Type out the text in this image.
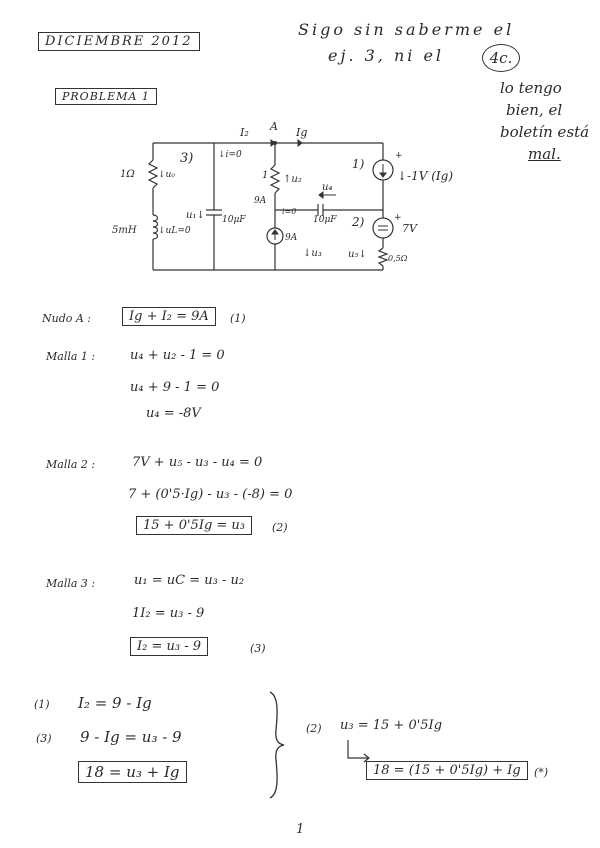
DICIEMBRE 2012
PROBLEMA 1
Sigo sin saberme el
ej. 3, ni el	4c.
lo tengo
bien, el
boletín está
mal.
I₂ A Ig
1Ω	↓u₀
3)
5mH ↓uL=0
↓i=0
u₁↓ 10μF
1 ↑u₂
9A
i=0
u₄
10μF
9A
↓u₃
1)
+
↓-1V (Ig)
2)	+
7V
u₅↓	0,5Ω
Nudo A :	Ig + I₂ = 9A	(1)
Malla 1 :	u₄ + u₂ - 1 = 0
u₄ + 9 - 1 = 0
u₄ = -8V
Malla 2 :	7V + u₅ - u₃ - u₄ = 0
7 + (0'5·Ig) - u₃ - (-8) = 0
15 + 0'5Ig = u₃	(2)
Malla 3 :	u₁ = uC = u₃ - u₂
1I₂ = u₃ - 9
I₂ = u₃ - 9	(3)
(1) I₂ = 9 - Ig
(3) 9 - Ig = u₃ - 9
18 = u₃ + Ig
(2) u₃ = 15 + 0'5Ig
18 = (15 + 0'5Ig) + Ig	(*)
1
